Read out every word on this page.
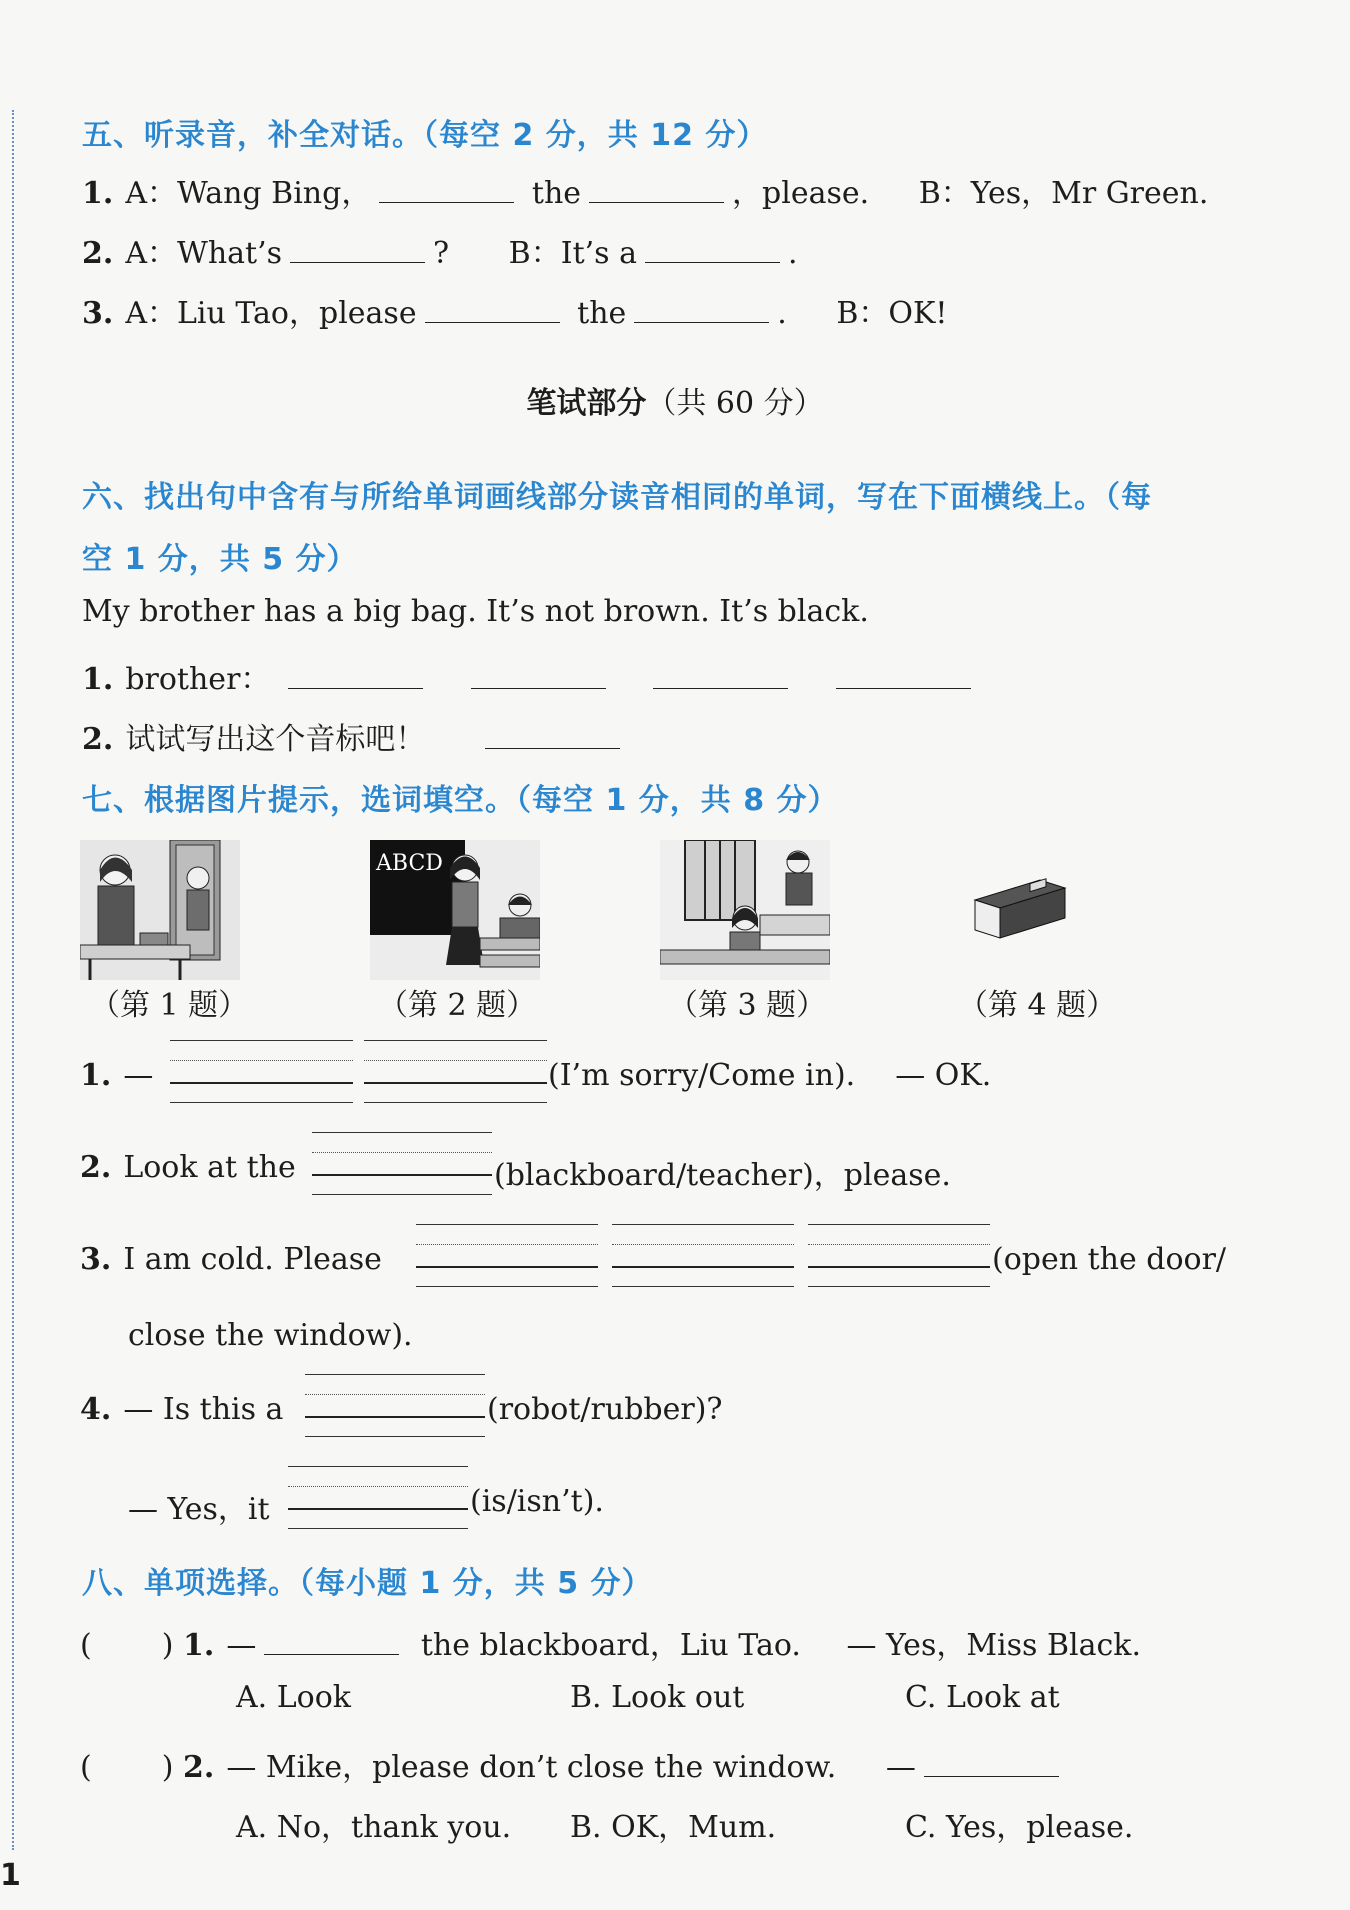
五、听录音，补全对话。（每空 2 分，共 12 分）
1. A：Wang Bing，	the	，please. B：Yes，Mr Green.
2. A：What’s	? B：It’s a	.
3. A：Liu Tao，please	the	. B：OK!
笔试部分（共 60 分）
六、找出句中含有与所给单词画线部分读音相同的单词，写在下面横线上。（每
空 1 分，共 5 分）
My brother has a big bag. It’s not brown. It’s black.
1. brother：
2. 试试写出这个音标吧！
七、根据图片提示，选词填空。（每空 1 分，共 8 分）
ABCD
（第 1 题）	（第 2 题）	（第 3 题）	（第 4 题）
1. —	(I’m sorry/Come in). — OK.
2. Look at the	(blackboard/teacher)，please.
3. I am cold. Please	(open the door/
close the window).
4. — Is this a	(robot/rubber)?
— Yes，it	(is/isn’t).
八、单项选择。（每小题 1 分，共 5 分）
( ) 1. —	the blackboard，Liu Tao. — Yes，Miss Black.
A. Look	B. Look out	C. Look at
( ) 2. — Mike，please don’t close the window. —
A. No，thank you. B. OK，Mum.	C. Yes，please.
1
